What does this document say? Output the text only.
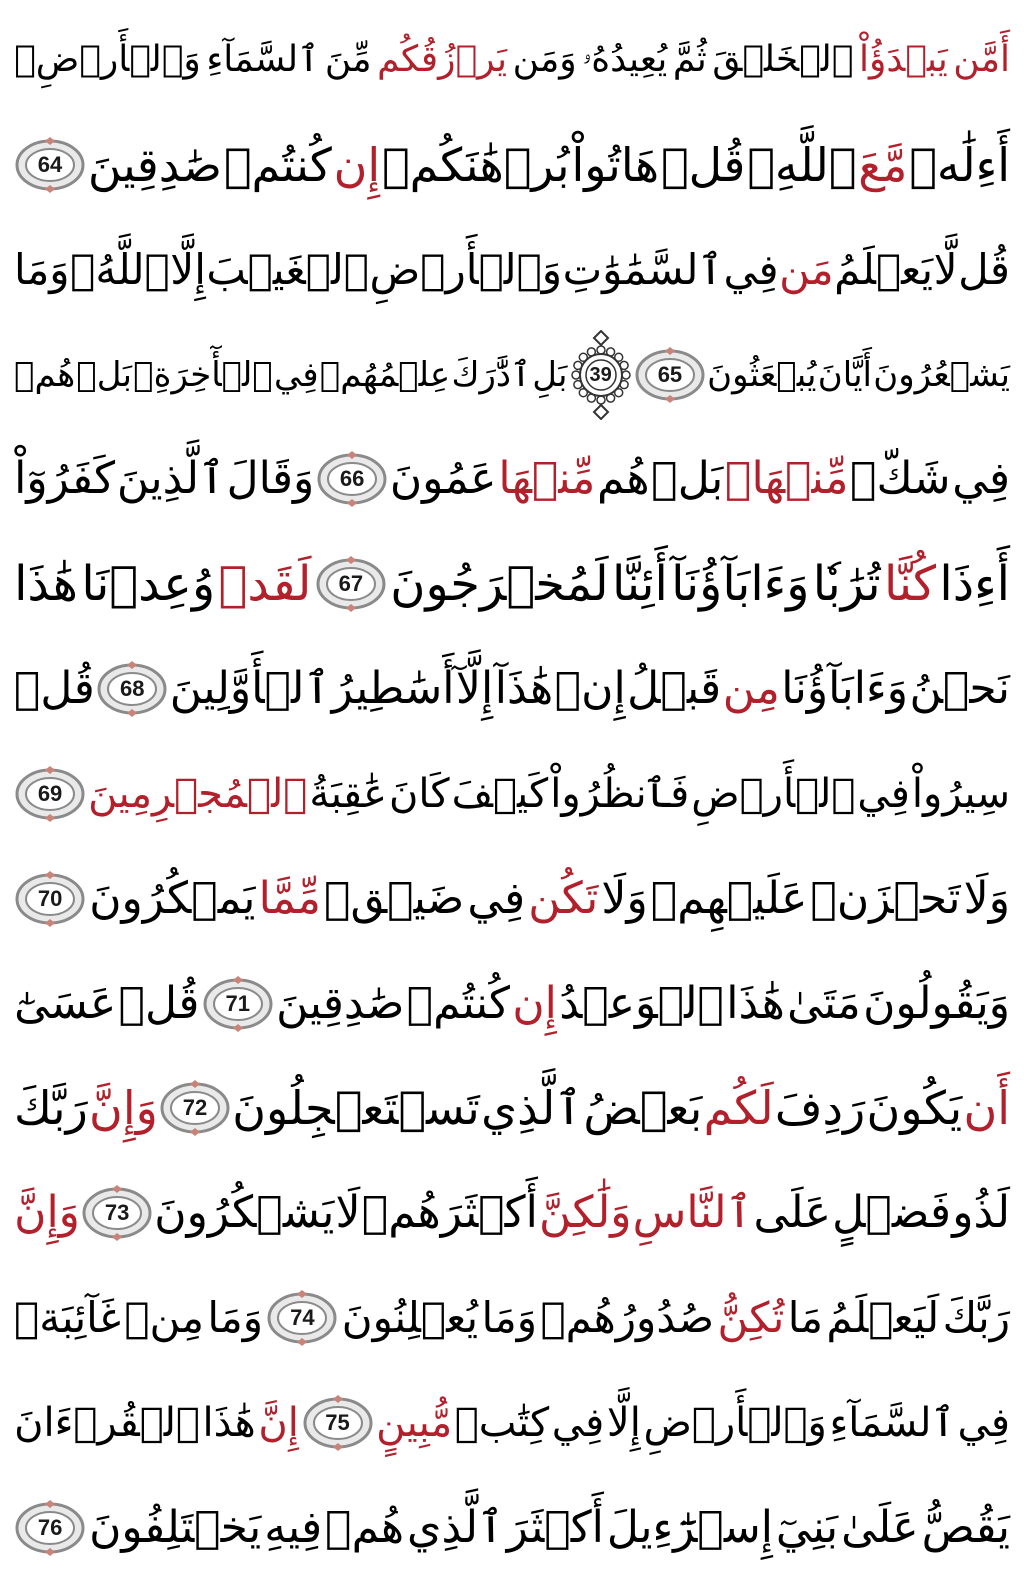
أَمَّن
يَبۡدَؤُاْ
ٱلۡخَلۡقَ
ثُمَّ
يُعِيدُهُۥ
وَمَن
يَرۡزُقُكُم
مِّنَ
ٱلسَّمَآءِ
وَٱلۡأَرۡضِۗ
أَءِلَٰهٞ
مَّعَ
ٱللَّهِۚ
قُلۡ
هَاتُواْ
بُرۡهَٰنَكُمۡ
إِن
كُنتُمۡ
صَٰدِقِينَ
64
قُل
لَّا
يَعۡلَمُ
مَن
فِي
ٱلسَّمَٰوَٰتِ
وَٱلۡأَرۡضِ
ٱلۡغَيۡبَ
إِلَّا
ٱللَّهُۚ
وَمَا
يَشۡعُرُونَ
أَيَّانَ
يُبۡعَثُونَ
65
39
بَلِ
ٱدَّٰرَكَ
عِلۡمُهُمۡ
فِي
ٱلۡأٓخِرَةِۚ
بَلۡ
هُمۡ
فِي
شَكّٖ
مِّنۡهَاۖ
بَلۡ
هُم
مِّنۡهَا
عَمُونَ
66
وَقَالَ
ٱلَّذِينَ
كَفَرُوٓاْ
أَءِذَا
كُنَّا
تُرَٰبٗا
وَءَابَآؤُنَآ
أَئِنَّا
لَمُخۡرَجُونَ
67
لَقَدۡ
وُعِدۡنَا
هَٰذَا
نَحۡنُ
وَءَابَآؤُنَا
مِن
قَبۡلُ
إِنۡ
هَٰذَآ
إِلَّآ
أَسَٰطِيرُ
ٱلۡأَوَّلِينَ
68
قُلۡ
سِيرُواْ
فِي
ٱلۡأَرۡضِ
فَٱنظُرُواْ
كَيۡفَ
كَانَ
عَٰقِبَةُ
ٱلۡمُجۡرِمِينَ
69
وَلَا
تَحۡزَنۡ
عَلَيۡهِمۡ
وَلَا
تَكُن
فِي
ضَيۡقٖ
مِّمَّا
يَمۡكُرُونَ
70
وَيَقُولُونَ
مَتَىٰ
هَٰذَا
ٱلۡوَعۡدُ
إِن
كُنتُمۡ
صَٰدِقِينَ
71
قُلۡ
عَسَىٰٓ
أَن
يَكُونَ
رَدِفَ
لَكُم
بَعۡضُ
ٱلَّذِي
تَسۡتَعۡجِلُونَ
72
وَإِنَّ
رَبَّكَ
لَذُو
فَضۡلٍ
عَلَى
ٱلنَّاسِ
وَلَٰكِنَّ
أَكۡثَرَهُمۡ
لَا
يَشۡكُرُونَ
73
وَإِنَّ
رَبَّكَ
لَيَعۡلَمُ
مَا
تُكِنُّ
صُدُورُهُمۡ
وَمَا
يُعۡلِنُونَ
74
وَمَا
مِنۡ
غَآئِبَةٖ
فِي
ٱلسَّمَآءِ
وَٱلۡأَرۡضِ
إِلَّا
فِي
كِتَٰبٖ
مُّبِينٍ
75
إِنَّ
هَٰذَا
ٱلۡقُرۡءَانَ
يَقُصُّ
عَلَىٰ
بَنِيٓ
إِسۡرَٰٓءِيلَ
أَكۡثَرَ
ٱلَّذِي
هُمۡ
فِيهِ
يَخۡتَلِفُونَ
76
